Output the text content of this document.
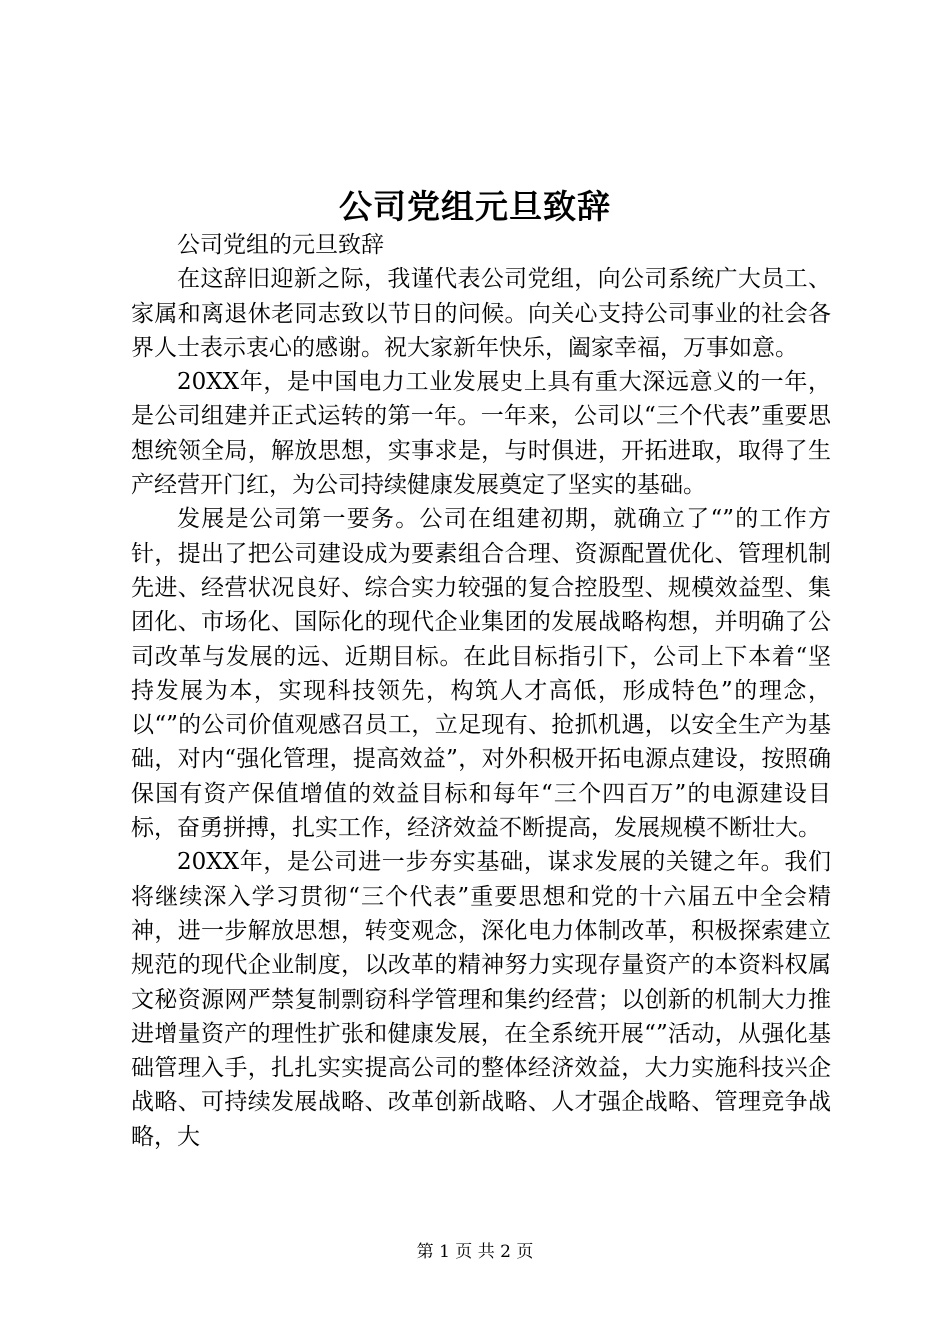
公司党组元旦致辞

公司党组的元旦致辞

在这辞旧迎新之际，我谨代表公司党组，向公司系统广大员工、家属和离退休老同志致以节日的问候。向关心支持公司事业的社会各界人士表示衷心的感谢。祝大家新年快乐，阖家幸福，万事如意。

20XX年，是中国电力工业发展史上具有重大深远意义的一年，是公司组建并正式运转的第一年。一年来，公司以“三个代表”重要思想统领全局，解放思想，实事求是，与时俱进，开拓进取，取得了生产经营开门红，为公司持续健康发展奠定了坚实的基础。

发展是公司第一要务。公司在组建初期，就确立了“”的工作方针，提出了把公司建设成为要素组合合理、资源配置优化、管理机制先进、经营状况良好、综合实力较强的复合控股型、规模效益型、集团化、市场化、国际化的现代企业集团的发展战略构想，并明确了公司改革与发展的远、近期目标。在此目标指引下，公司上下本着“坚持发展为本，实现科技领先，构筑人才高低，形成特色”的理念，以“”的公司价值观感召员工，立足现有、抢抓机遇，以安全生产为基础，对内“强化管理，提高效益”，对外积极开拓电源点建设，按照确保国有资产保值增值的效益目标和每年“三个四百万”的电源建设目标，奋勇拼搏，扎实工作，经济效益不断提高，发展规模不断壮大。

20XX年，是公司进一步夯实基础，谋求发展的关键之年。我们将继续深入学习贯彻“三个代表”重要思想和党的十六届五中全会精神，进一步解放思想，转变观念，深化电力体制改革，积极探索建立规范的现代企业制度，以改革的精神努力实现存量资产的本资料权属文秘资源网严禁复制剽窃科学管理和集约经营；以创新的机制大力推进增量资产的理性扩张和健康发展，在全系统开展“”活动，从强化基础管理入手，扎扎实实提高公司的整体经济效益，大力实施科技兴企战略、可持续发展战略、改革创新战略、人才强企战略、管理竞争战略，大

第 1 页 共 2 页
